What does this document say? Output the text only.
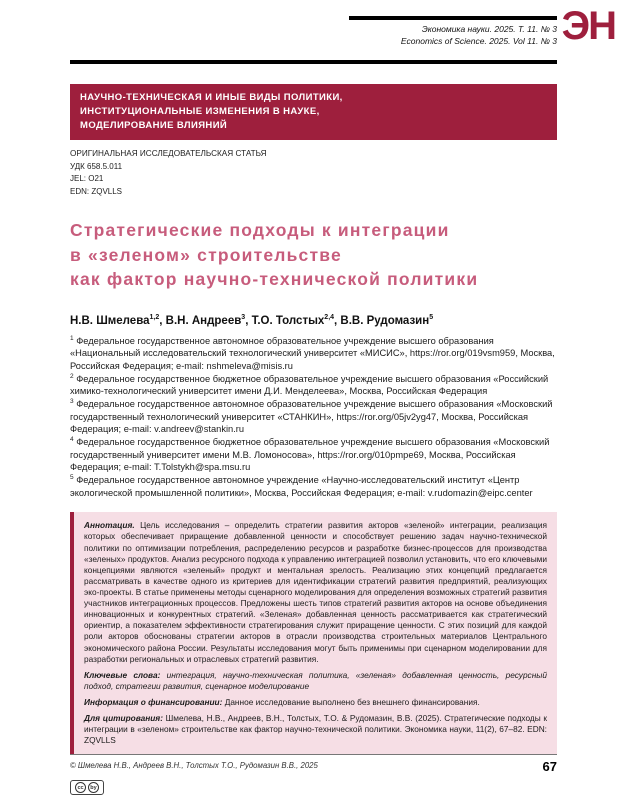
Экономика науки. 2025. Т. 11. № 3
Economics of Science. 2025. Vol 11. № 3
НАУЧНО-ТЕХНИЧЕСКАЯ И ИНЫЕ ВИДЫ ПОЛИТИКИ,
ИНСТИТУЦИОНАЛЬНЫЕ ИЗМЕНЕНИЯ В НАУКЕ,
МОДЕЛИРОВАНИЕ ВЛИЯНИЙ
ОРИГИНАЛЬНАЯ ИССЛЕДОВАТЕЛЬСКАЯ СТАТЬЯ
УДК 658.5.011
JEL: O21
EDN: ZQVLLS
Стратегические подходы к интеграции
в «зеленом» строительстве
как фактор научно-технической политики
Н.В. Шмелева$^{1,2}$, В.Н. Андреев$^3$, Т.О. Толстых$^{2,4}$, В.В. Рудомазин$^5$

$^1$ Федеральное государственное автономное образовательное учреждение высшего образования «Национальный исследовательский технологический университет «МИСИС», https://ror.org/019vsm959, Москва, Российская Федерация; e-mail: nshmeleva@misis.ru

$^2$ Федеральное государственное бюджетное образовательное учреждение высшего образования «Российский химико-технологический университет имени Д.И. Менделеева», Москва, Российская Федерация

$^3$ Федеральное государственное автономное образовательное учреждение высшего образования «Московский государственный технологический университет «СТАНКИН», https://ror.org/05jv2yg47, Москва, Российская Федерация; e-mail: v.andreev@stankin.ru

$^4$ Федеральное государственное бюджетное образовательное учреждение высшего образования «Московский государственный университет имени М.В. Ломоносова», https://ror.org/010pmpe69, Москва, Российская Федерация; e-mail: T.Tolstykh@spa.msu.ru

$^5$ Федеральное государственное автономное учреждение «Научно-исследовательский институт «Центр экологической промышленной политики», Москва, Российская Федерация; e-mail: v.rudomazin@eipc.center

Аннотация. Цель исследования – определить стратегии развития акторов «зеленой» интеграции, реализация которых обеспечивает приращение добавленной ценности и способствует решению задач научно-технической политики по оптимизации потребления, распределению ресурсов и разработке бизнес-процессов для производства «зеленых» продуктов. Анализ ресурсного подхода к управлению интеграцией позволил установить, что его ключевыми концепциями являются «зеленый» продукт и ментальная зрелость. Реализацию этих концепций предлагается рассматривать в качестве одного из критериев для идентификации стратегий развития предприятий, реализующих эко-проекты. В статье применены методы сценарного моделирования для определения возможных стратегий развития участников интеграционных процессов. Предложены шесть типов стратегий развития акторов на основе объединения инновационных и конкурентных стратегий. «Зеленая» добавленная ценность рассматривается как стратегический ориентир, а показателем эффективности стратегирования служит приращение ценности. С этих позиций для каждой роли акторов обоснованы стратегии акторов в отрасли производства строительных материалов Центрального экономического района России. Результаты исследования могут быть применимы при сценарном моделировании для разработки региональных и отраслевых стратегий развития.

Ключевые слова: интеграция, научно-техническая политика, «зеленая» добавленная ценность, ресурсный подход, стратегии развития, сценарное моделирование

Информация о финансировании: Данное исследование выполнено без внешнего финансирования.

Для цитирования: Шмелева, Н.В., Андреев, В.Н., Толстых, Т.О. & Рудомазин, В.В. (2025). Стратегические подходы к интеграции в «зеленом» строительстве как фактор научно-технической политики. Экономика науки, 11(2), 67–82. EDN: ZQVLLS

ЭН
© Шмелева Н.В., Андреев В.Н., Толстых Т.О., Рудомазин В.В., 2025	67
cc	by
